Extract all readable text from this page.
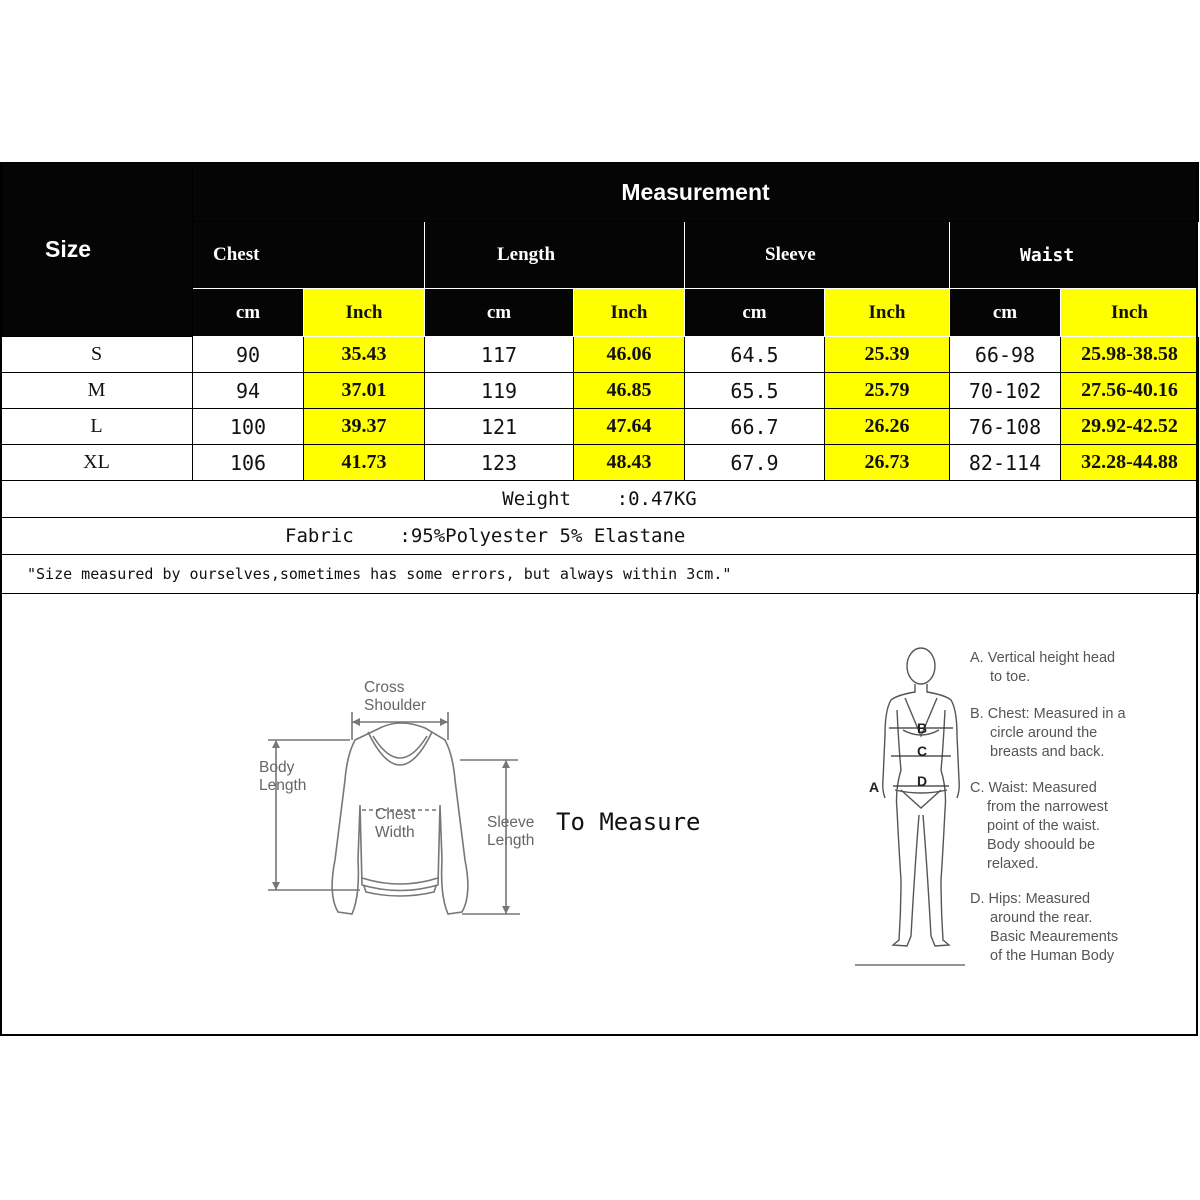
Size	Measurement							
	Chest		Length		Sleeve		Waist	
	cm	Inch	cm	Inch	cm	Inch	cm	Inch
S	90	35.43	117	46.06	64.5	25.39	66-98	25.98-38.58
M	94	37.01	119	46.85	65.5	25.79	70-102	27.56-40.16
L	100	39.37	121	47.64	66.7	26.26	76-108	29.92-42.52
XL	106	41.73	123	48.43	67.9	26.73	82-114	32.28-44.88
Weight    :0.47KG								
Fabric    :95%Polyester 5% Elastane								
"Size measured by ourselves,sometimes has some errors, but always within 3cm."								
Cross
Shoulder
Body
Length
Chest
Width
Sleeve
Length
To Measure
A
B
C
D
A. Vertical height head
to toe.
B. Chest: Measured in a
circle around the
breasts and back.
C. Waist: Measured
from the narrowest
point of the waist.
Body shoould be
relaxed.
D. Hips: Measured
around the rear.
Basic Meaurements
of the Human Body
